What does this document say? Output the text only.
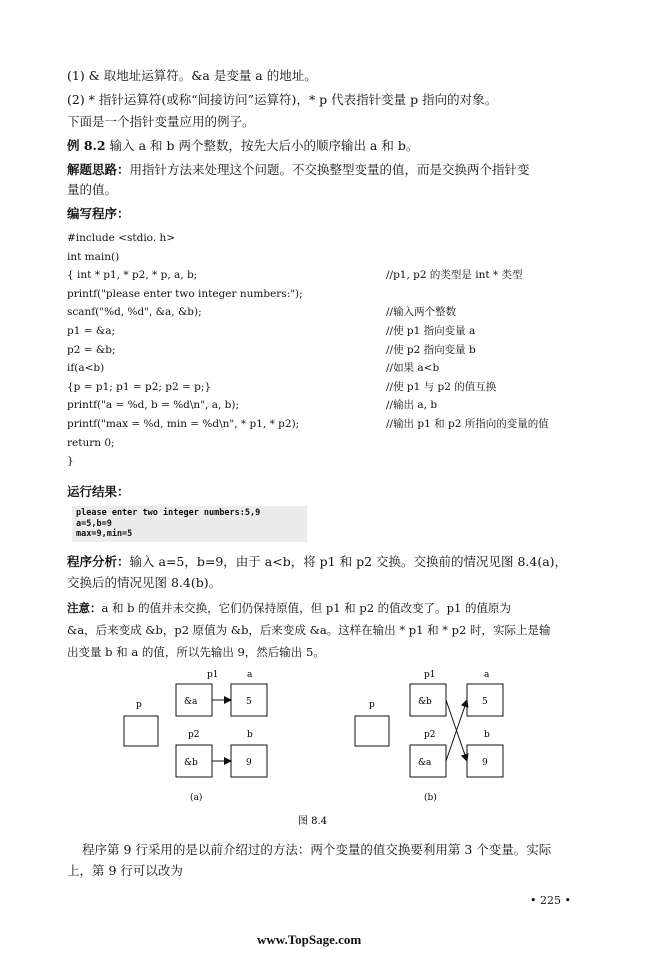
(1) & 取地址运算符。&a 是变量 a 的地址。
(2) * 指针运算符(或称“间接访问”运算符)，* p 代表指针变量 p 指向的对象。
下面是一个指针变量应用的例子。
例 8.2 输入 a 和 b 两个整数，按先大后小的顺序输出 a 和 b。
解题思路：用指针方法来处理这个问题。不交换整型变量的值，而是交换两个指针变
量的值。
编写程序：
#include <stdio. h>
int main()
{ int * p1, * p2, * p, a, b;	//p1, p2 的类型是 int * 类型
printf("please enter two integer numbers:");
scanf("%d, %d", &a, &b);	//输入两个整数
p1 = &a;	//使 p1 指向变量 a
p2 = &b;	//使 p2 指向变量 b
if(a<b)	//如果 a<b
{p = p1; p1 = p2; p2 = p;}	//使 p1 与 p2 的值互换
printf("a = %d, b = %d\n", a, b);	//输出 a, b
printf("max = %d, min = %d\n", * p1, * p2);	//输出 p1 和 p2 所指向的变量的值
return 0;
}
运行结果：
please enter two integer numbers:5,9
a=5,b=9
max=9,min=5
程序分析：输入 a=5，b=9，由于 a<b，将 p1 和 p2 交换。交换前的情况见图 8.4(a)，
交换后的情况见图 8.4(b)。
注意：a 和 b 的值并未交换，它们仍保持原值，但 p1 和 p2 的值改变了。p1 的值原为
&a，后来变成 &b，p2 原值为 &b，后来变成 &a。这样在输出 * p1 和 * p2 时，实际上是输
出变量 b 和 a 的值，所以先输出 9，然后输出 5。
p1	a
p	&a	5
p2	b
&b	9
(a)
p1	a
p	&b	5
p2	b
&a	9
(b)
图 8.4
程序第 9 行采用的是以前介绍过的方法：两个变量的值交换要利用第 3 个变量。实际
上，第 9 行可以改为
• 225 •
www.TopSage.com
